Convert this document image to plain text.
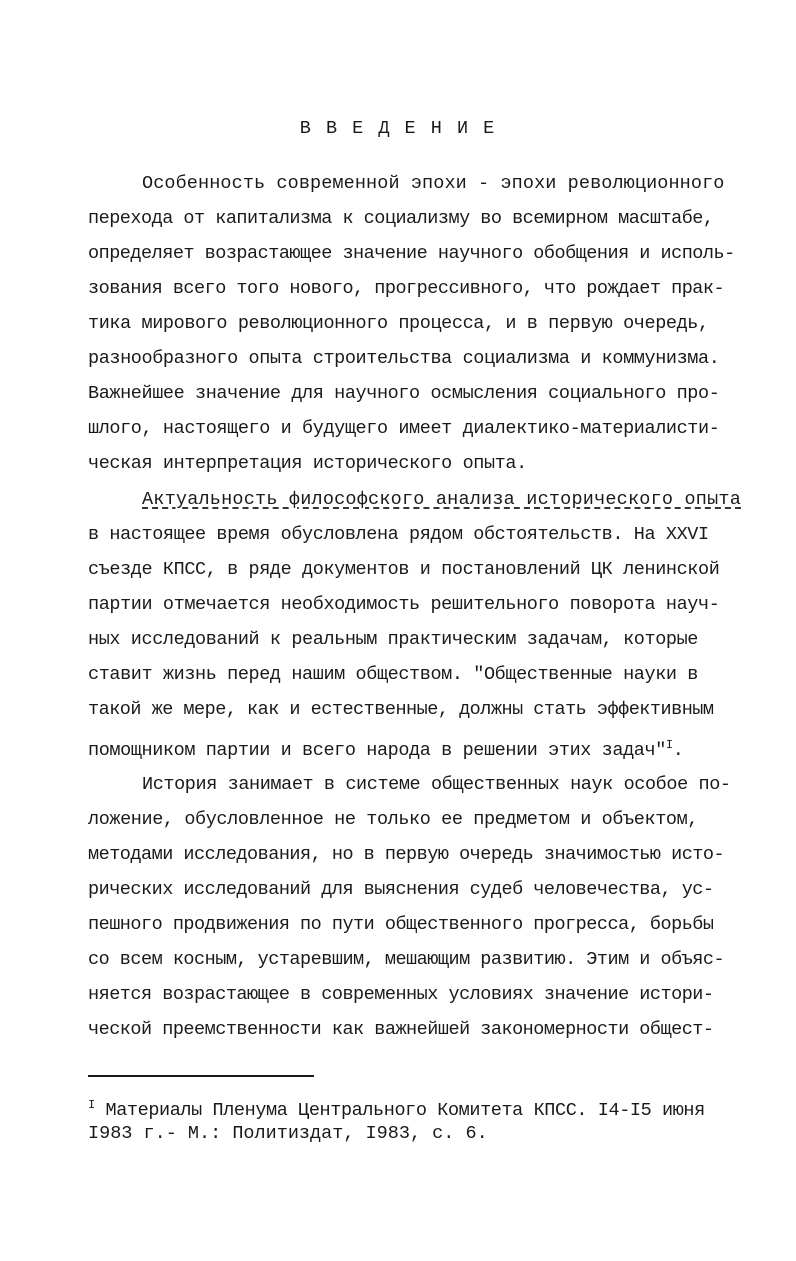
В В Е Д Е Н И Е
Особенность современной эпохи - эпохи революционного
перехода от капитализма к социализму во всемирном масштабе,
определяет возрастающее значение научного обобщения и исполь-
зования всего того нового, прогрессивного, что рождает прак-
тика мирового революционного процесса, и в первую очередь,
разнообразного опыта строительства социализма и коммунизма.
Важнейшее значение для научного осмысления социального про-
шлого, настоящего и будущего имеет диалектико-материалисти-
ческая интерпретация исторического опыта.
Актуальность философского анализа исторического опыта
в настоящее время обусловлена рядом обстоятельств. На XXVI
съезде КПСС, в ряде документов и постановлений ЦК ленинской
партии отмечается необходимость решительного поворота науч-
ных исследований к реальным практическим задачам, которые
ставит жизнь перед нашим обществом. "Общественные науки в
такой же мере, как и естественные, должны стать эффективным
помощником партии и всего народа в решении этих задач"$^I$.
История занимает в системе общественных наук особое по-
ложение, обусловленное не только ее предметом и объектом,
методами исследования, но в первую очередь значимостью исто-
рических исследований для выяснения судеб человечества, ус-
пешного продвижения по пути общественного прогресса, борьбы
со всем косным, устаревшим, мешающим развитию. Этим и объяс-
няется возрастающее в современных условиях значение истори-
ческой преемственности как важнейшей закономерности общест-
$^I$ Материалы Пленума Центрального Комитета КПСС. I4-I5 июня
I983 г.- М.: Политиздат, I983, с. 6.
